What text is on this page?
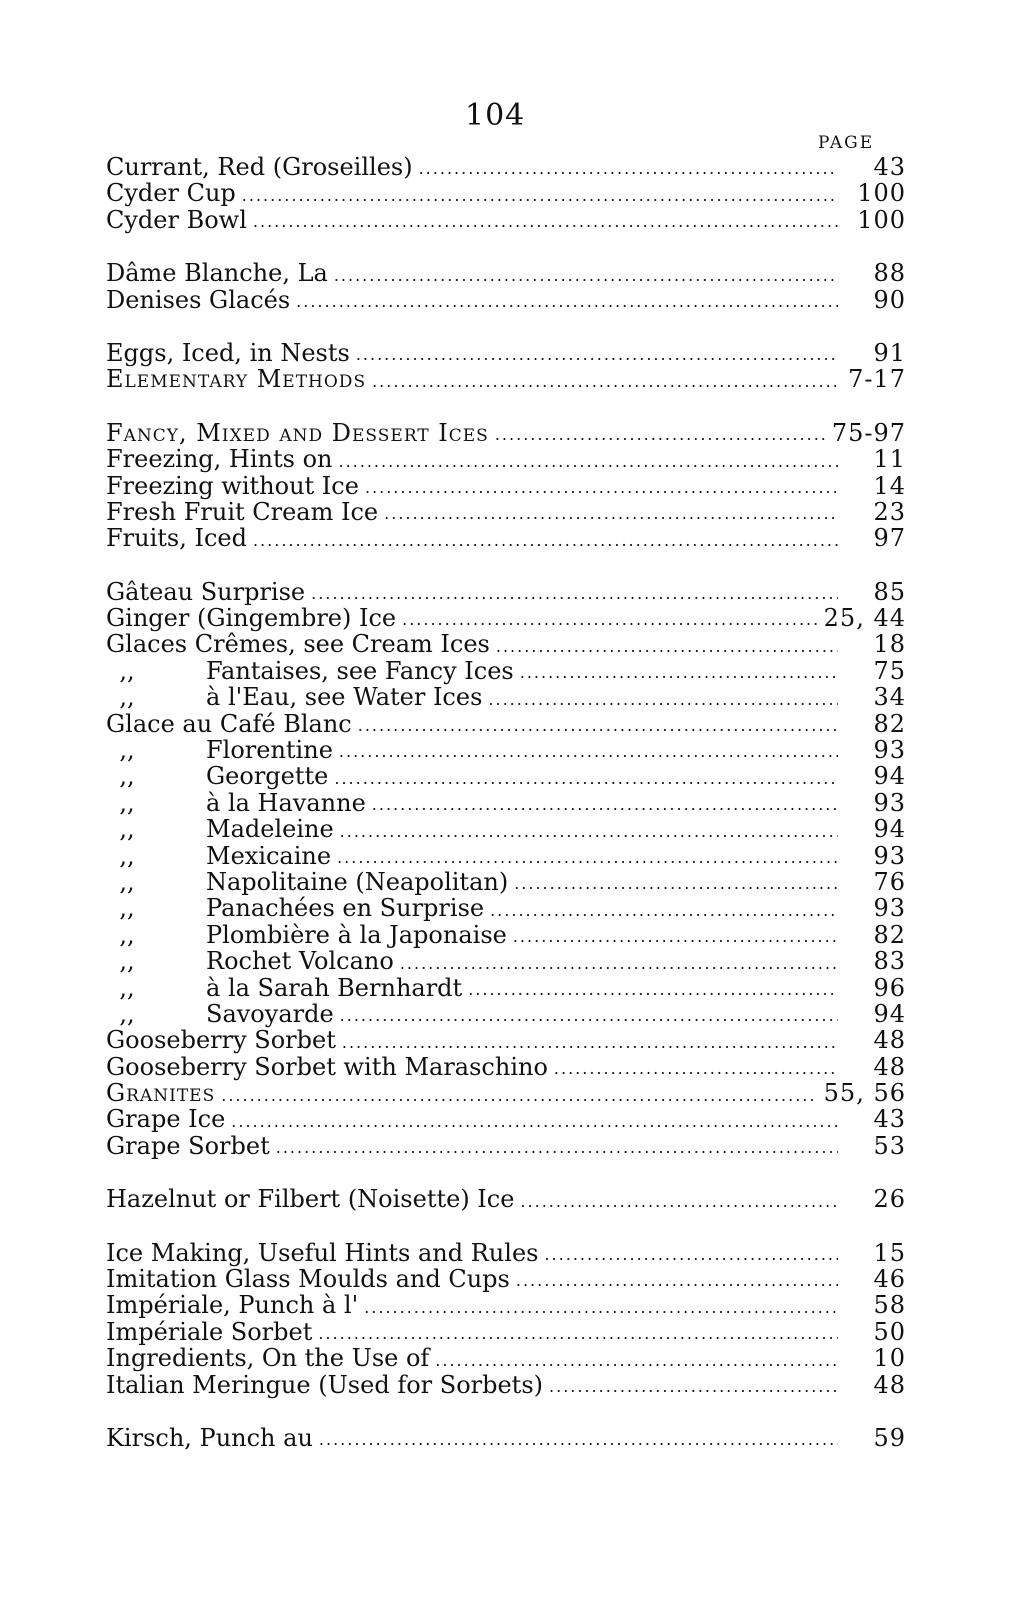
104
PAGE
Currant, Red (Groseilles) .....	43
Cyder Cup .....	100
Cyder Bowl .....	100
Dâme Blanche, La .....	88
Denises Glacés .....	90
Eggs, Iced, in Nests .....	91
Elementary Methods .....	7-17
Fancy, Mixed and Dessert Ices .....	75-97
Freezing, Hints on .....	11
Freezing without Ice .....	14
Fresh Fruit Cream Ice .....	23
Fruits, Iced .....	97
Gâteau Surprise .....	85
Ginger (Gingembre) Ice .....	25, 44
Glaces Crêmes, see Cream Ices .....	18
,,	Fantaises, see Fancy Ices .....	75
,,	à l'Eau, see Water Ices .....	34
Glace au Café Blanc .....	82
,,	Florentine .....	93
,,	Georgette .....	94
,,	à la Havanne .....	93
,,	Madeleine .....	94
,,	Mexicaine .....	93
,,	Napolitaine (Neapolitan) .....	76
,,	Panachées en Surprise .....	93
,,	Plombière à la Japonaise .....	82
,,	Rochet Volcano .....	83
,,	à la Sarah Bernhardt .....	96
,,	Savoyarde .....	94
Gooseberry Sorbet .....	48
Gooseberry Sorbet with Maraschino .....	48
Granites .....	55, 56
Grape Ice .....	43
Grape Sorbet .....	53
Hazelnut or Filbert (Noisette) Ice .....	26
Ice Making, Useful Hints and Rules .....	15
Imitation Glass Moulds and Cups .....	46
Impériale, Punch à l' .....	58
Impériale Sorbet .....	50
Ingredients, On the Use of .....	10
Italian Meringue (Used for Sorbets) .....	48
Kirsch, Punch au .....	59
